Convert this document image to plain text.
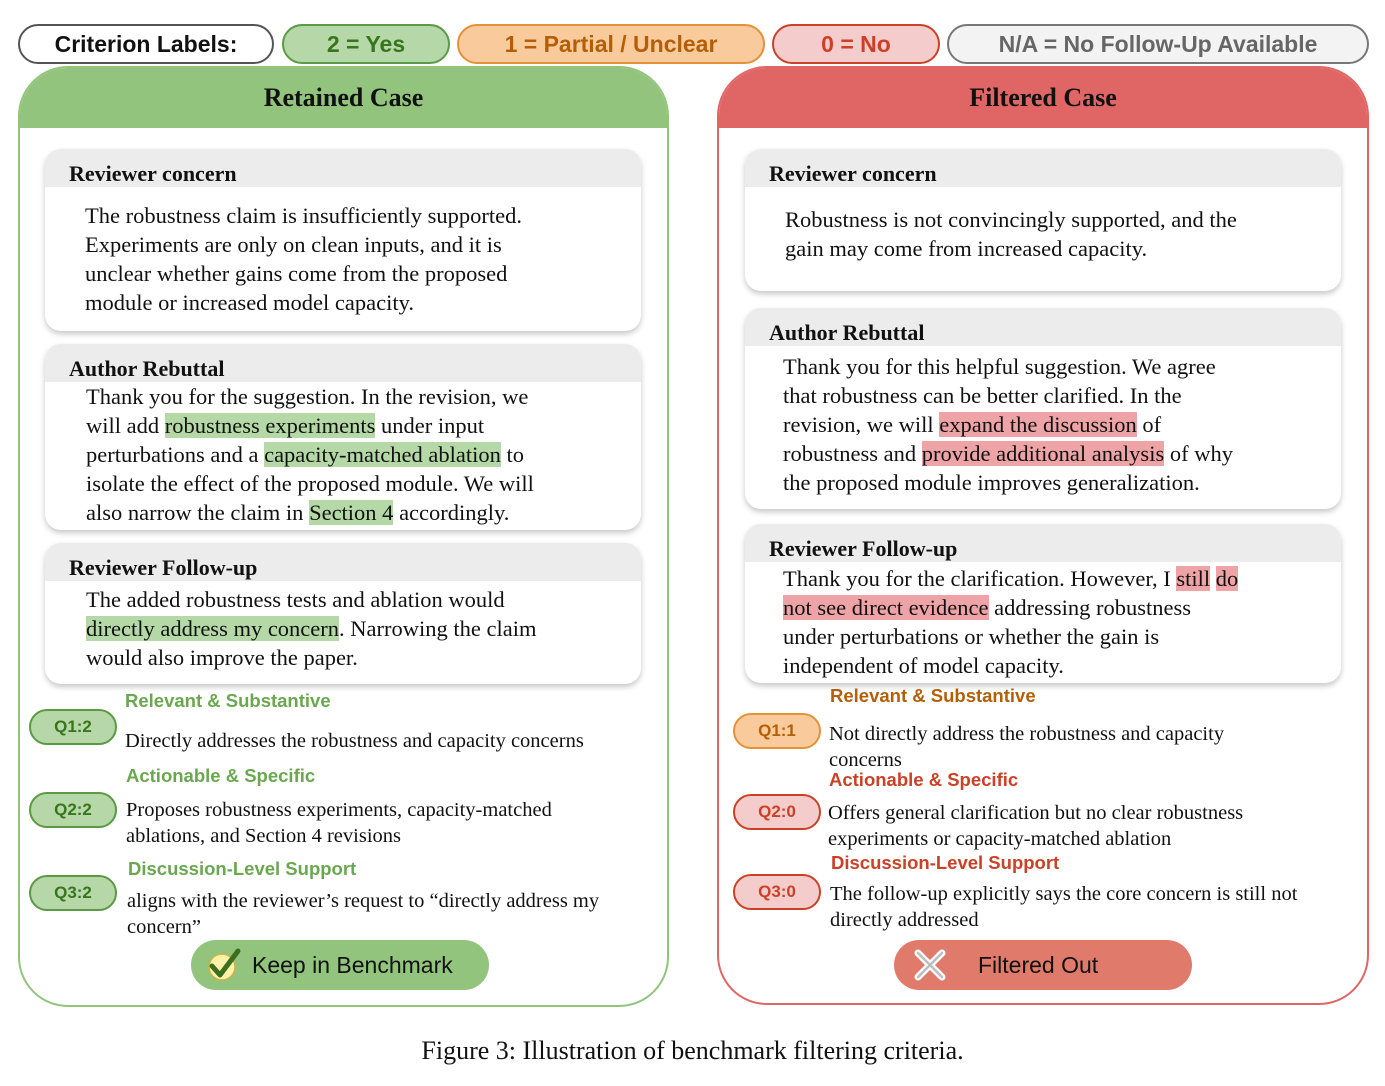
Criterion Labels:	2 = Yes	1 = Partial / Unclear	0 = No	N/A = No Follow-Up Available
Retained Case
Reviewer concern
The robustness claim is insufficiently supported.
Experiments are only on clean inputs, and it is
unclear whether gains come from the proposed
module or increased model capacity.
Author Rebuttal
Thank you for the suggestion. In the revision, we
will add robustness experiments under input
perturbations and a capacity-matched ablation to
isolate the effect of the proposed module. We will
also narrow the claim in Section 4 accordingly.
Reviewer Follow-up
The added robustness tests and ablation would
directly address my concern. Narrowing the claim
would also improve the paper.
Relevant & Substantive
Q1:2
Directly addresses the robustness and capacity concerns
Actionable & Specific
Q2:2	Proposes robustness experiments, capacity-matched
ablations, and Section 4 revisions
Discussion-Level Support
Q3:2	aligns with the reviewer’s request to “directly address my
concern”
Keep in Benchmark
Filtered Case
Reviewer concern
Robustness is not convincingly supported, and the
gain may come from increased capacity.
Author Rebuttal
Thank you for this helpful suggestion. We agree
that robustness can be better clarified. In the
revision, we will expand the discussion of
robustness and provide additional analysis of why
the proposed module improves generalization.
Reviewer Follow-up
Thank you for the clarification. However, I still do
not see direct evidence addressing robustness
under perturbations or whether the gain is
independent of model capacity.
Relevant & Substantive
Q1:1	Not directly address the robustness and capacity
concerns
Actionable & Specific
Q2:0	Offers general clarification but no clear robustness
experiments or capacity-matched ablation
Discussion-Level Support
Q3:0	The follow-up explicitly says the core concern is still not
directly addressed
Filtered Out
Figure 3: Illustration of benchmark filtering criteria.
